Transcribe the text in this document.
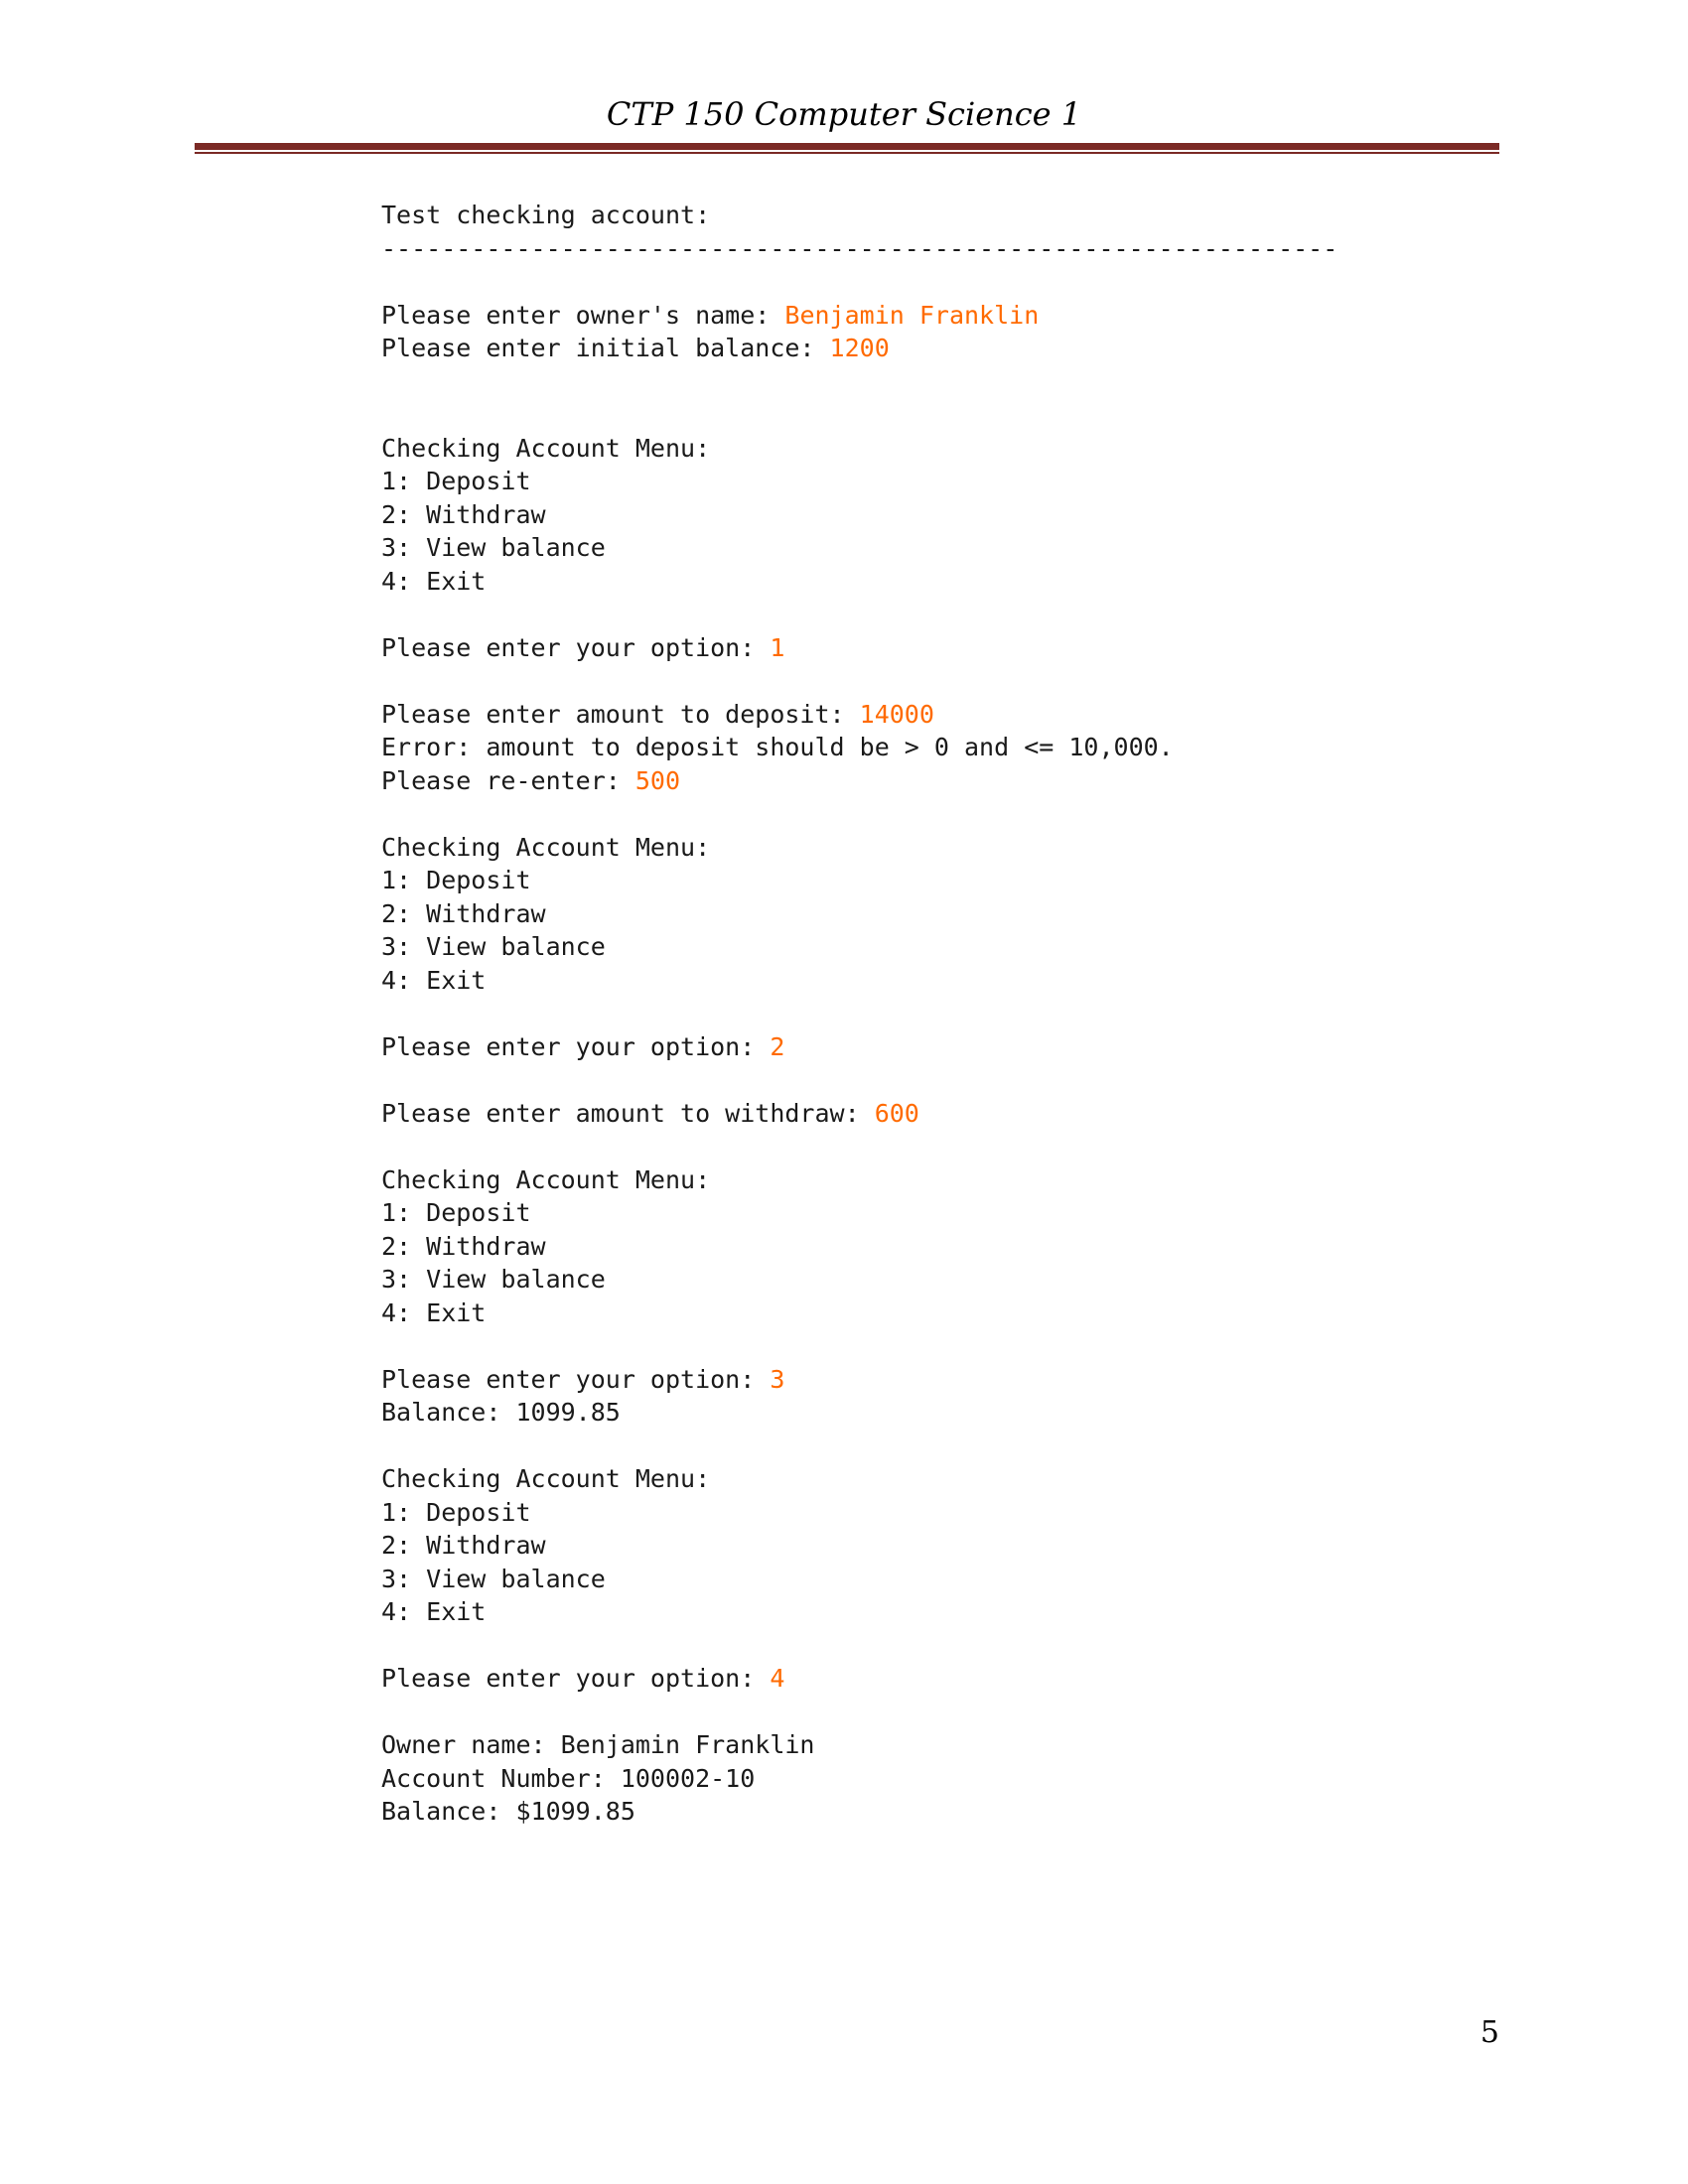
CTP 150 Computer Science 1
Test checking account:
----------------------------------------------------------------
Please enter owner's name: Benjamin Franklin
Please enter initial balance: 1200
Checking Account Menu:
1: Deposit
2: Withdraw
3: View balance
4: Exit
Please enter your option: 1
Please enter amount to deposit: 14000
Error: amount to deposit should be > 0 and <= 10,000.
Please re-enter: 500
Checking Account Menu:
1: Deposit
2: Withdraw
3: View balance
4: Exit
Please enter your option: 2
Please enter amount to withdraw: 600
Checking Account Menu:
1: Deposit
2: Withdraw
3: View balance
4: Exit
Please enter your option: 3
Balance: 1099.85
Checking Account Menu:
1: Deposit
2: Withdraw
3: View balance
4: Exit
Please enter your option: 4
Owner name: Benjamin Franklin
Account Number: 100002-10
Balance: $1099.85
5
